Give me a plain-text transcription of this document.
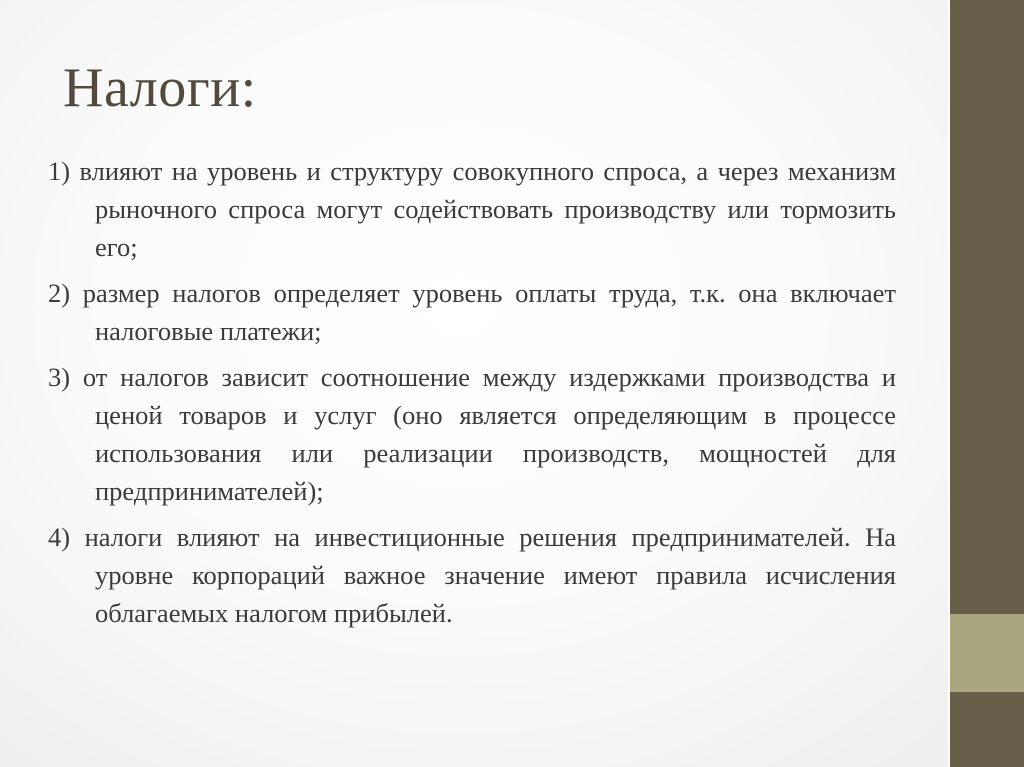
Налоги:

1) влияют на уровень и структуру совокупного спроса, а через механизм рыночного спроса могут содействовать производству или тормозить его;

2) размер налогов определяет уровень оплаты труда, т.к. она включает налоговые платежи;

3) от налогов зависит соотношение между издержками производства и ценой товаров и услуг (оно является определяющим в процессе использования или реализации производств, мощностей для предпринимателей);

4) налоги влияют на инвестиционные решения предпринимателей. На уровне корпораций важное значение имеют правила исчисления облагаемых налогом прибылей.
